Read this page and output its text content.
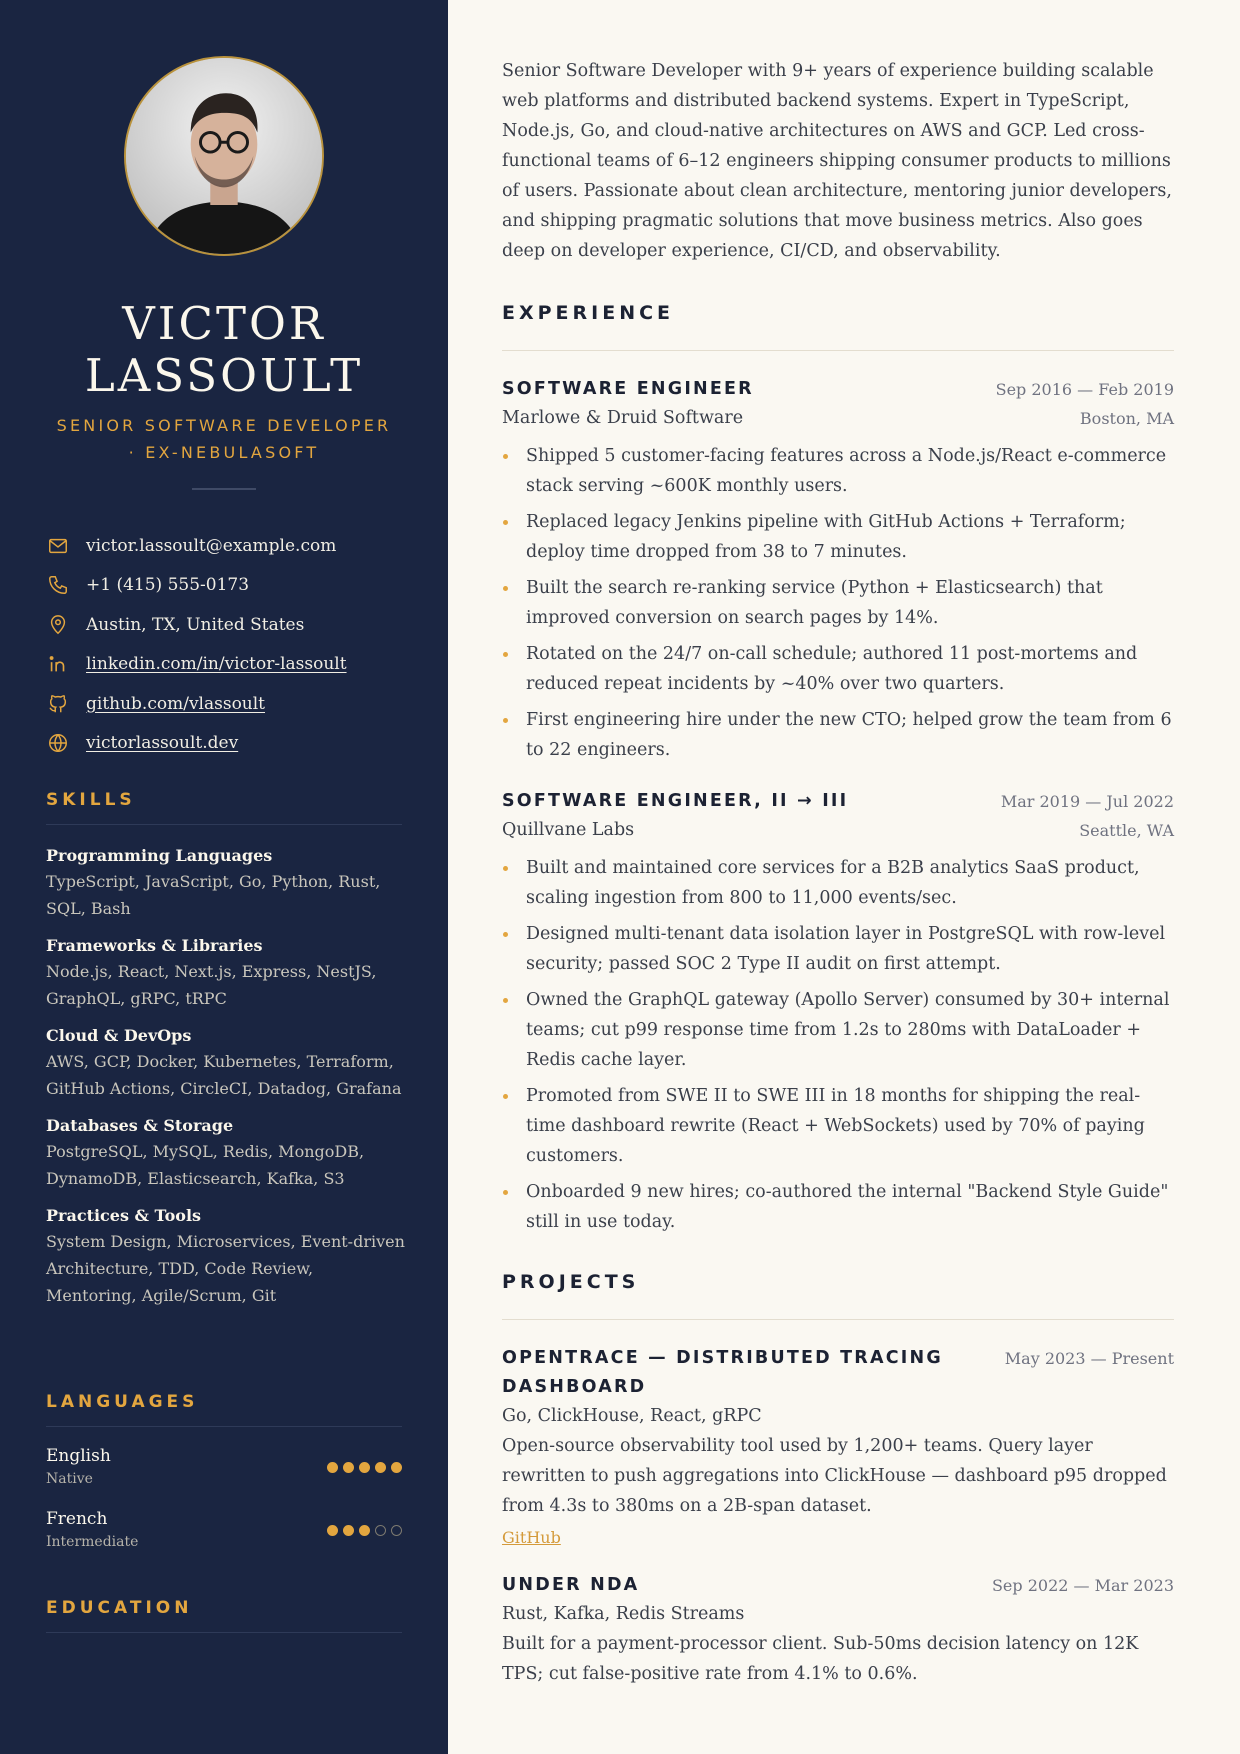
VICTOR
LASSOULT
SENIOR SOFTWARE DEVELOPER
· EX-NEBULASOFT
victor.lassoult@example.com
+1 (415) 555-0173
Austin, TX, United States
linkedin.com/in/victor-lassoult
github.com/vlassoult
victorlassoult.dev
SKILLS
Programming Languages
TypeScript, JavaScript, Go, Python, Rust, SQL, Bash
Frameworks & Libraries
Node.js, React, Next.js, Express, NestJS, GraphQL, gRPC, tRPC
Cloud & DevOps
AWS, GCP, Docker, Kubernetes, Terraform, GitHub Actions, CircleCI, Datadog, Grafana
Databases & Storage
PostgreSQL, MySQL, Redis, MongoDB, DynamoDB, Elasticsearch, Kafka, S3
Practices & Tools
System Design, Microservices, Event-driven Architecture, TDD, Code Review, Mentoring, Agile/Scrum, Git
LANGUAGES
English
Native
French
Intermediate
EDUCATION

Senior Software Developer with 9+ years of experience building scalable web platforms and distributed backend systems. Expert in TypeScript, Node.js, Go, and cloud-native architectures on AWS and GCP. Led cross-functional teams of 6–12 engineers shipping consumer products to millions of users. Passionate about clean architecture, mentoring junior developers, and shipping pragmatic solutions that move business metrics. Also goes deep on developer experience, CI/CD, and observability.

EXPERIENCE
SOFTWARE ENGINEER	Sep 2016 — Feb 2019
Marlowe & Druid Software	Boston, MA
Shipped 5 customer-facing features across a Node.js/React e-commerce stack serving ~600K monthly users.
Replaced legacy Jenkins pipeline with GitHub Actions + Terraform; deploy time dropped from 38 to 7 minutes.
Built the search re-ranking service (Python + Elasticsearch) that improved conversion on search pages by 14%.
Rotated on the 24/7 on-call schedule; authored 11 post-mortems and reduced repeat incidents by ~40% over two quarters.
First engineering hire under the new CTO; helped grow the team from 6 to 22 engineers.
SOFTWARE ENGINEER, II → III	Mar 2019 — Jul 2022
Quillvane Labs	Seattle, WA
Built and maintained core services for a B2B analytics SaaS product, scaling ingestion from 800 to 11,000 events/sec.
Designed multi-tenant data isolation layer in PostgreSQL with row-level security; passed SOC 2 Type II audit on first attempt.
Owned the GraphQL gateway (Apollo Server) consumed by 30+ internal teams; cut p99 response time from 1.2s to 280ms with DataLoader + Redis cache layer.
Promoted from SWE II to SWE III in 18 months for shipping the real-time dashboard rewrite (React + WebSockets) used by 70% of paying customers.
Onboarded 9 new hires; co-authored the internal "Backend Style Guide" still in use today.
PROJECTS
OPENTRACE — DISTRIBUTED TRACING DASHBOARD
May 2023 — Present
Go, ClickHouse, React, gRPC
Open-source observability tool used by 1,200+ teams. Query layer rewritten to push aggregations into ClickHouse — dashboard p95 dropped from 4.3s to 380ms on a 2B-span dataset.
GitHub
UNDER NDA	Sep 2022 — Mar 2023
Rust, Kafka, Redis Streams
Built for a payment-processor client. Sub-50ms decision latency on 12K TPS; cut false-positive rate from 4.1% to 0.6%.
